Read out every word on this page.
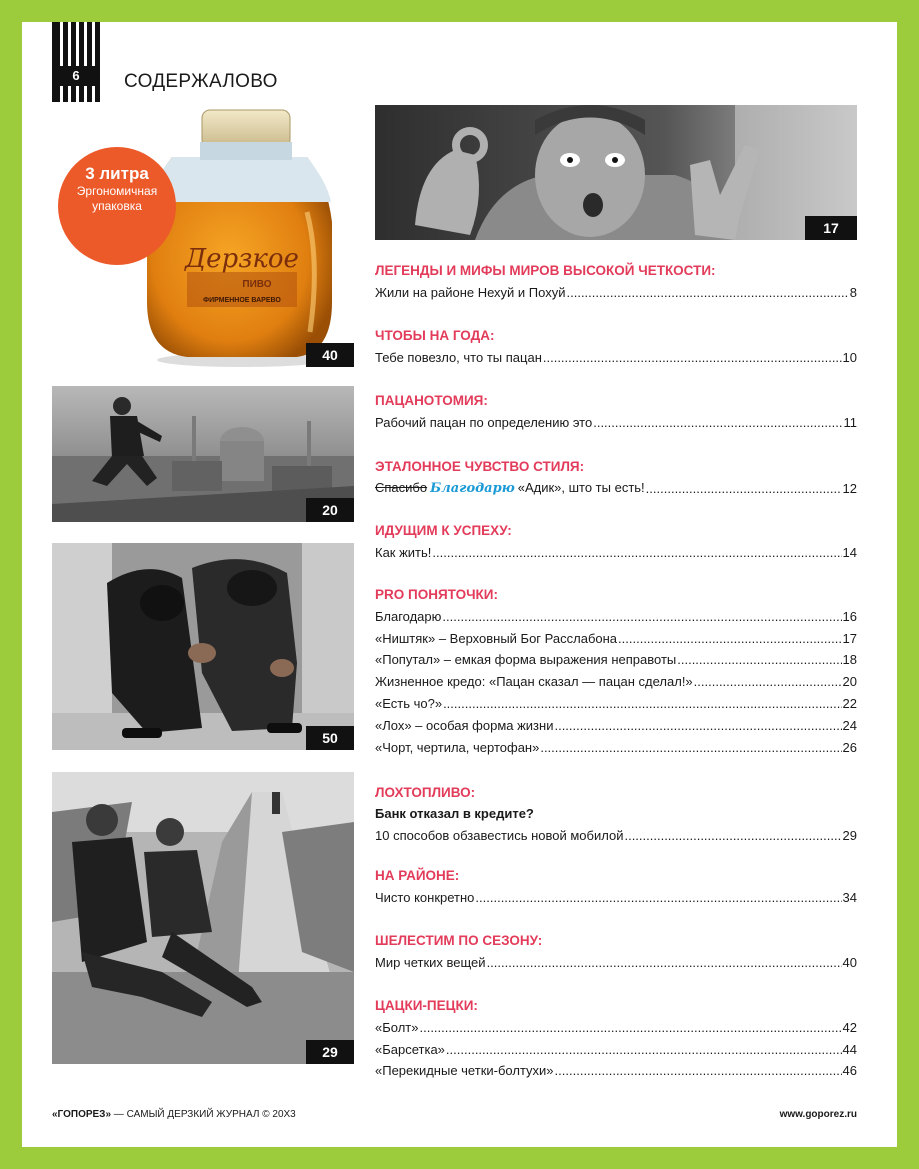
6	СОДЕРЖАЛОВО
Дерзкое
ПИВО
ФИРМЕННОЕ ВАРЕВО
40
3 литра
Эргономичная
упаковка
20
50
29
17
ЛЕГЕНДЫ И МИФЫ МИРОВ ВЫСОКОЙ ЧЕТКОСТИ:
Жили на районе Нехуй и Похуй .....	8
ЧТОБЫ НА ГОДА:
Тебе повезло, что ты пацан .....	10
ПАЦАНОТОМИЯ:
Рабочий пацан по определению это .....	11
ЭТАЛОННОЕ ЧУВСТВО СТИЛЯ:
Спасибо Благодарю «Адик», што ты есть! .....	12
ИДУЩИМ К УСПЕХУ:
Как жить! .....	14
PRO ПОНЯТОЧКИ:
Благодарю .....	16
«Ништяк» – Верховный Бог Расслабона .....	17
«Попутал» – емкая форма выражения неправоты .....	18
Жизненное кредо: «Пацан сказал — пацан сделал!» .....	20
«Есть чо?» .....	22
«Лох» – особая форма жизни .....	24
«Чорт, чертила, чертофан» .....	26
ЛОХТОПЛИВО:
Банк отказал в кредите?
10 способов обзавестись новой мобилой .....	29
НА РАЙОНЕ:
Чисто конкретно .....	34
ШЕЛЕСТИМ ПО СЕЗОНУ:
Мир четких вещей .....	40
ЦАЦКИ-ПЕЦКИ:
«Болт» .....	42
«Барсетка» .....	44
«Перекидные четки-болтухи» .....	46
«ГОПОРЕЗ» — САМЫЙ ДЕРЗКИЙ ЖУРНАЛ © 20Х3	www.goporez.ru
